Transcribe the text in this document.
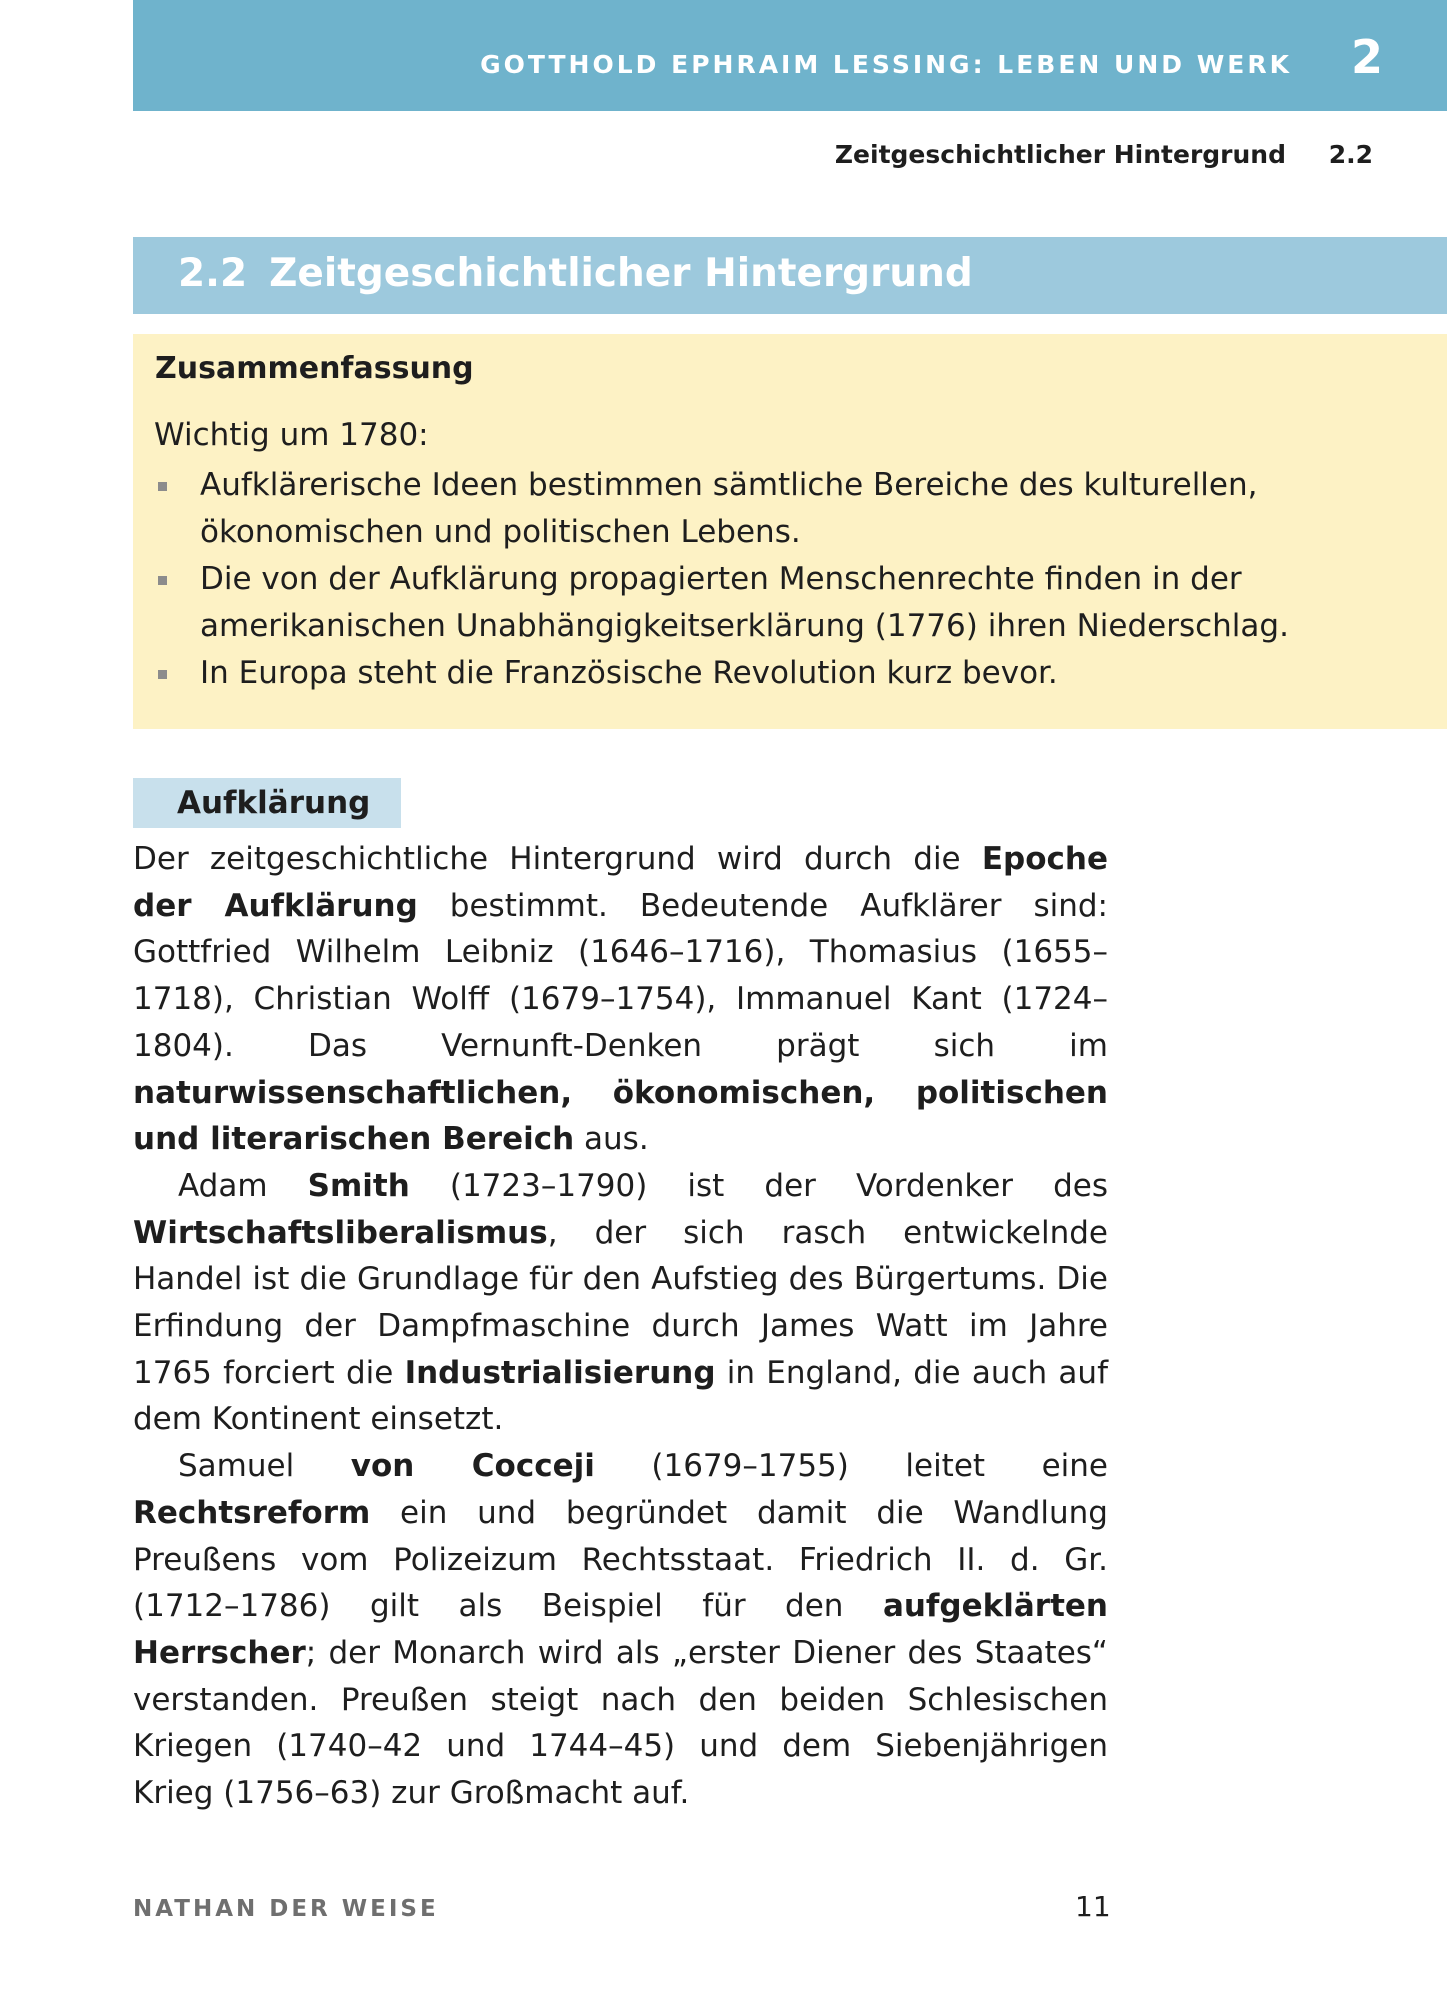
GOTTHOLD EPHRAIM LESSING: LEBEN UND WERK 2
Zeitgeschichtlicher Hintergrund 2.2
2.2 Zeitgeschichtlicher Hintergrund
Zusammenfassung
Wichtig um 1780:
Aufklärerische Ideen bestimmen sämtliche Bereiche des kulturellen, ökonomischen und politischen Lebens.
Die von der Aufklärung propagierten Menschenrechte finden in der amerikanischen Unabhängigkeitserklärung (1776) ihren Niederschlag.
In Europa steht die Französische Revolution kurz bevor.
Aufklärung

Der zeitgeschichtliche Hintergrund wird durch die Epoche der Aufklärung bestimmt. Bedeutende Aufklärer sind: Gottfried Wilhelm Leibniz (1646–1716), Thomasius (1655–1718), Christian Wolff (1679–1754), Immanuel Kant (1724–1804). Das Vernunft-Denken prägt sich im naturwissenschaftlichen, ökonomischen, politischen und literarischen Bereich aus.

Adam Smith (1723–1790) ist der Vordenker des Wirtschaftsliberalismus, der sich rasch entwickelnde Handel ist die Grundlage für den Aufstieg des Bürgertums. Die Erfindung der Dampfmaschine durch James Watt im Jahre 1765 forciert die Industrialisierung in England, die auch auf dem Kontinent einsetzt.

Samuel von Cocceji (1679–1755) leitet eine Rechtsreform ein und begründet damit die Wandlung Preußens vom Polizeizum Rechtsstaat. Friedrich II. d. Gr. (1712–1786) gilt als Beispiel für den aufgeklärten Herrscher; der Monarch wird als „erster Diener des Staates“ verstanden. Preußen steigt nach den beiden Schlesischen Kriegen (1740–42 und 1744–45) und dem Siebenjährigen Krieg (1756–63) zur Großmacht auf.

NATHAN DER WEISE	11
